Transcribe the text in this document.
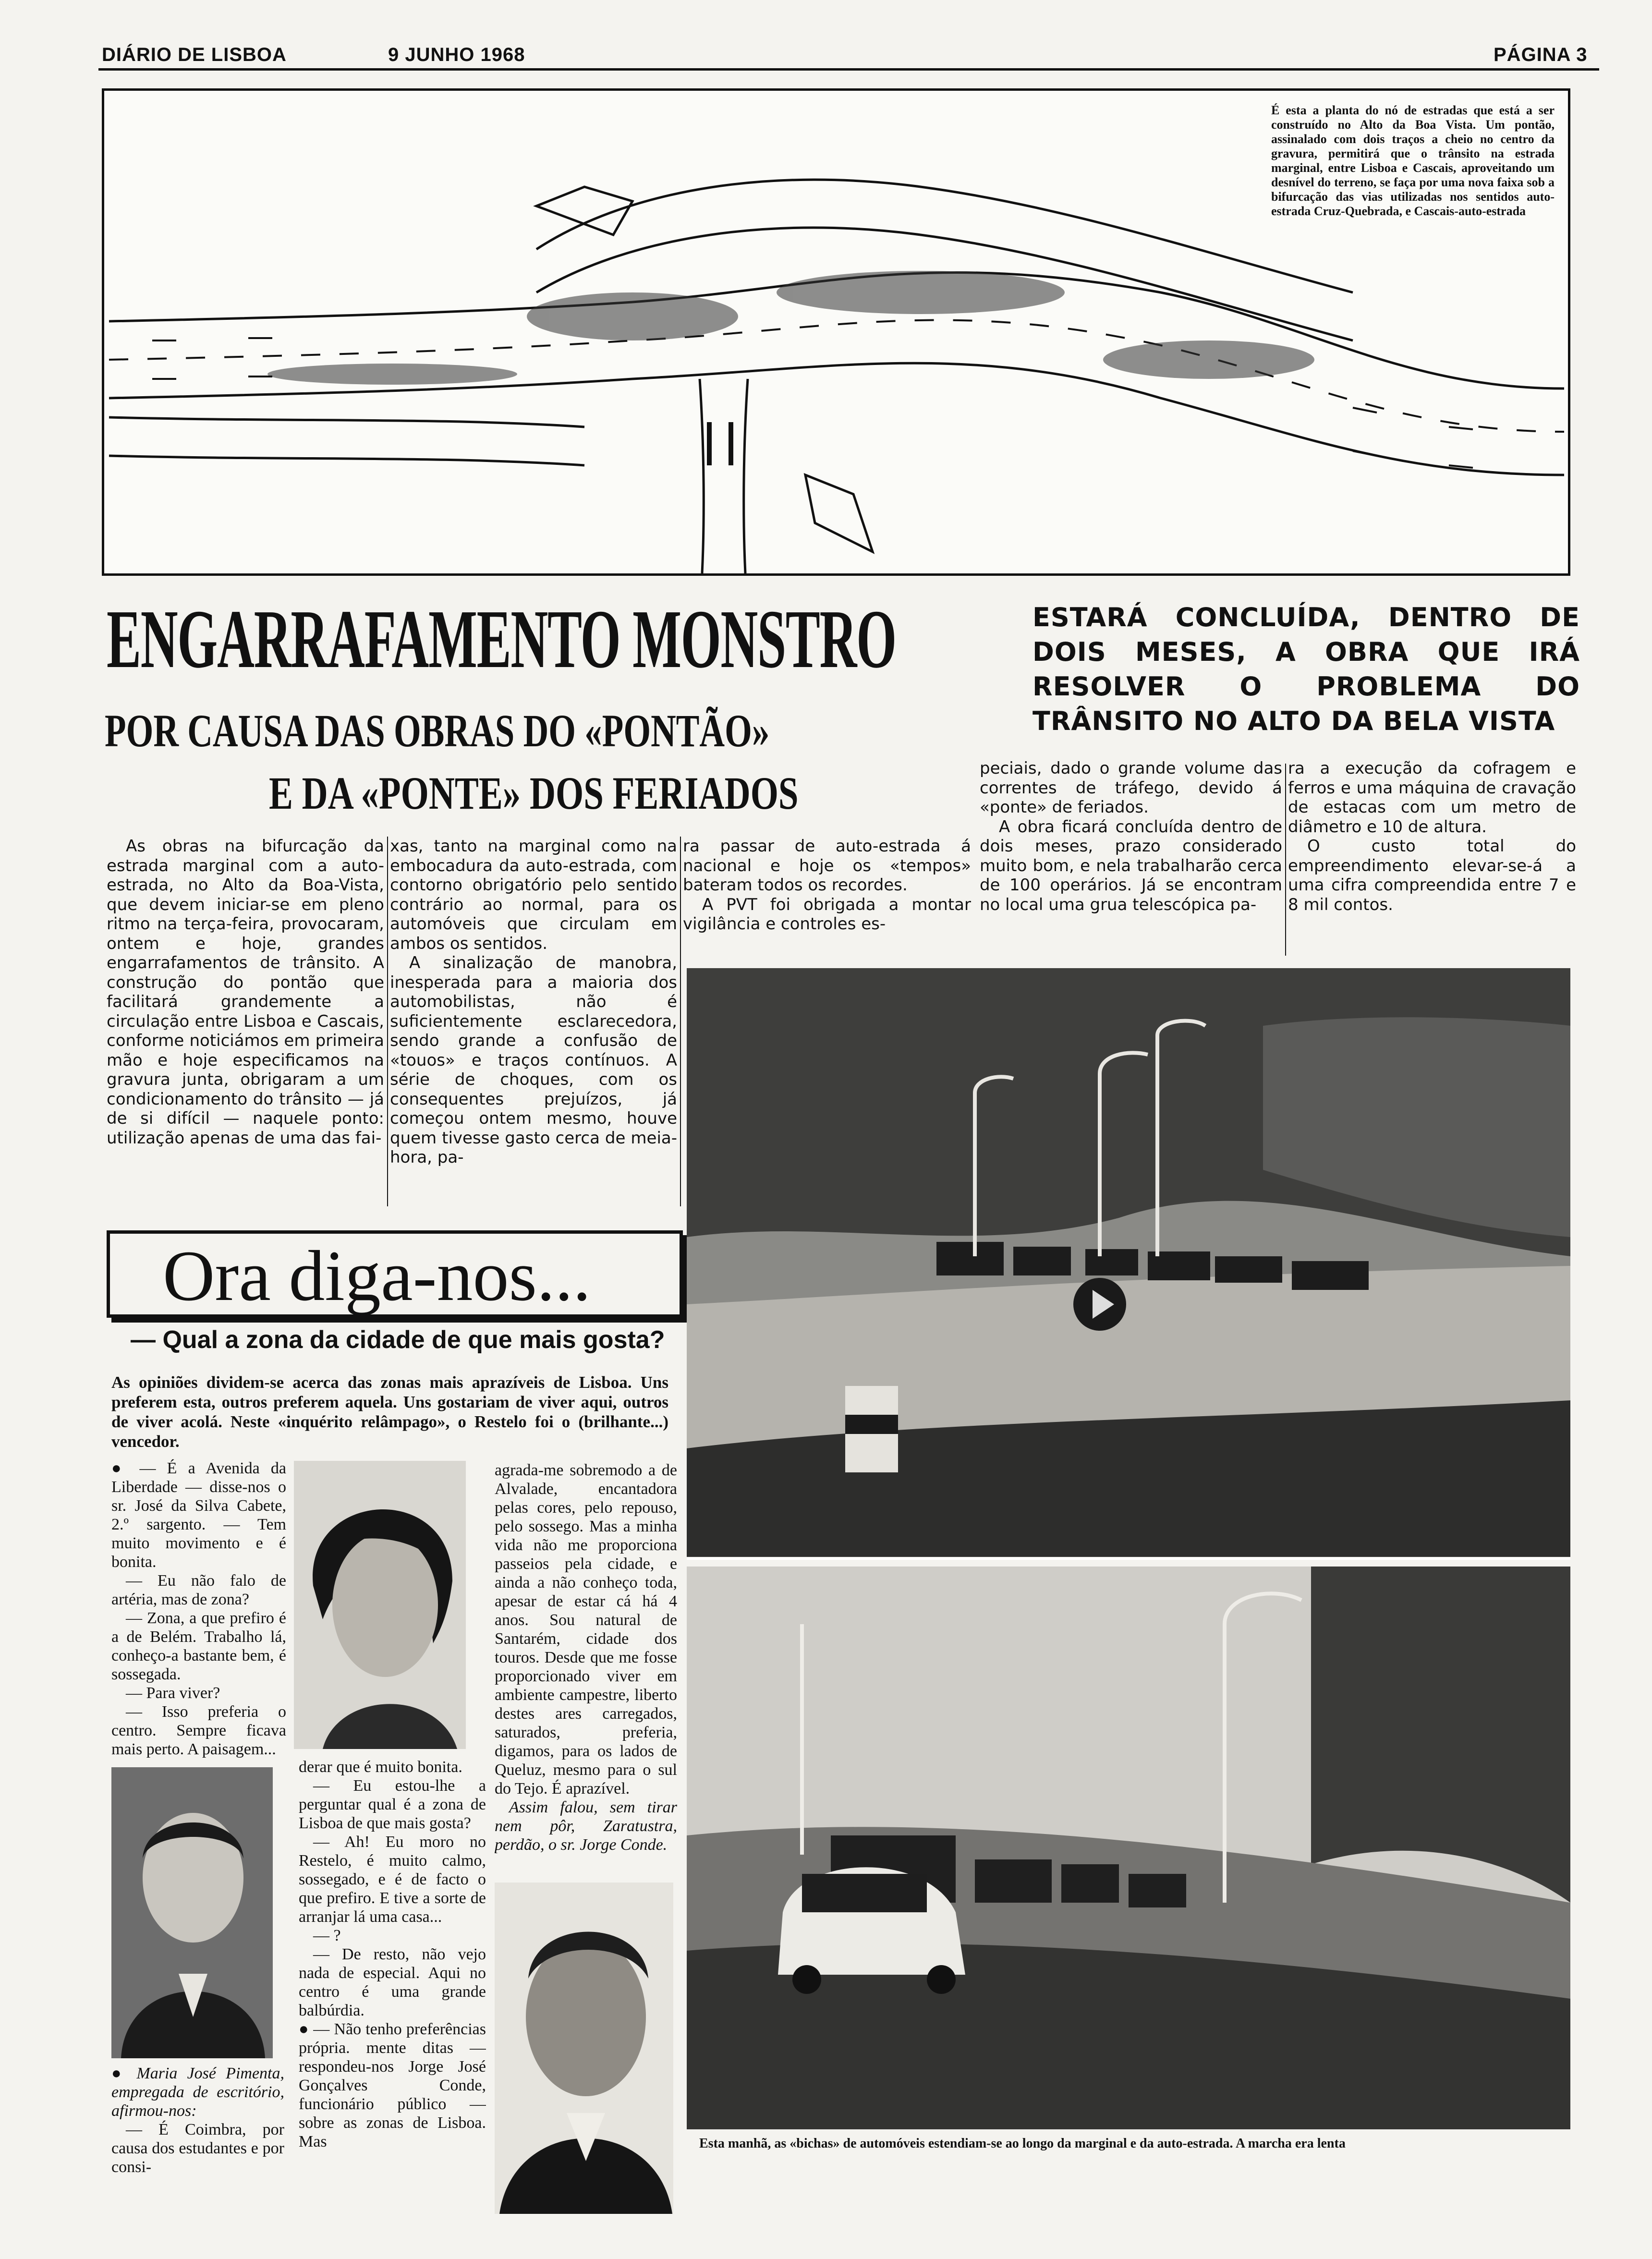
DIÁRIO DE LISBOA	9 JUNHO 1968	PÁGINA 3
É esta a planta do nó de estradas que está a ser construído no Alto da Boa Vista. Um pontão, assinalado com dois traços a cheio no centro da gravura, permitirá que o trânsito na estrada marginal, entre Lisboa e Cascais, aproveitando um desnível do terreno, se faça por uma nova faixa sob a bifurcação das vias utilizadas nos sentidos auto-estrada Cruz-Quebrada, e Cascais-auto-estrada
ENGARRAFAMENTO MONSTRO
POR CAUSA DAS OBRAS DO «PONTÃO»
E DA «PONTE» DOS FERIADOS
ESTARÁ CONCLUÍDA, DENTRO DE DOIS MESES, A OBRA QUE IRÁ RESOLVER O PROBLEMA DO TRÂNSITO NO ALTO DA BELA VISTA

As obras na bifurcação da estrada marginal com a auto-estrada, no Alto da Boa-Vista, que devem iniciar-se em pleno ritmo na terça-feira, provocaram, ontem e hoje, grandes engarrafamentos de trânsito. A construção do pontão que facilitará grandemente a circulação entre Lisboa e Cascais, conforme noticiámos em primeira mão e hoje especificamos na gravura junta, obrigaram a um condicionamento do trânsito — já de si difícil — naquele ponto: utilização apenas de uma das fai-

xas, tanto na marginal como na embocadura da auto-estrada, com contorno obrigatório pelo sentido contrário ao normal, para os automóveis que circulam em ambos os sentidos.

A sinalização de manobra, inesperada para a maioria dos automobilistas, não é suficientemente esclarecedora, sendo grande a confusão de «touos» e traços contínuos. A série de choques, com os consequentes prejuízos, já começou ontem mesmo, houve quem tivesse gasto cerca de meia-hora, pa-

ra passar de auto-estrada á nacional e hoje os «tempos» bateram todos os recordes.

A PVT foi obrigada a montar vigilância e controles es-

peciais, dado o grande volume das correntes de tráfego, devido á «ponte» de feriados.

A obra ficará concluída dentro de dois meses, prazo considerado muito bom, e nela trabalharão cerca de 100 operários. Já se encontram no local uma grua telescópica pa-

ra a execução da cofragem e ferros e uma máquina de cravação de estacas com um metro de diâmetro e 10 de altura.

O custo total do empreendimento elevar-se-á a uma cifra compreendida entre 7 e 8 mil contos.

Ora diga-nos...
— Qual a zona da cidade de que mais gosta?
As opiniões dividem-se acerca das zonas mais aprazíveis de Lisboa. Uns preferem esta, outros preferem aquela. Uns gostariam de viver aqui, outros de viver acolá. Neste «inquérito relâmpago», o Restelo foi o (brilhante...) vencedor.

● — É a Avenida da Liberdade — disse-nos o sr. José da Silva Cabete, 2.º sargento. — Tem muito movimento e é bonita.

— Eu não falo de artéria, mas de zona?

— Zona, a que prefiro é a de Belém. Trabalho lá, conheço-a bastante bem, é sossegada.

— Para viver?

— Isso preferia o centro. Sempre ficava mais perto. A paisagem...

● Maria José Pimenta, empregada de escritório, afirmou-nos:

— É Coimbra, por causa dos estudantes e por consi-

derar que é muito bonita.

— Eu estou-lhe a perguntar qual é a zona de Lisboa de que mais gosta?

— Ah! Eu moro no Restelo, é muito calmo, sossegado, e é de facto o que prefiro. E tive a sorte de arranjar lá uma casa...

— ?

— De resto, não vejo nada de especial. Aqui no centro é uma grande balbúrdia.

● — Não tenho preferências própria. mente ditas — respondeu-nos Jorge José Gonçalves Conde, funcionário público — sobre as zonas de Lisboa. Mas

agrada-me sobremodo a de Alvalade, encantadora pelas cores, pelo repouso, pelo sossego. Mas a minha vida não me proporciona passeios pela cidade, e ainda a não conheço toda, apesar de estar cá há 4 anos. Sou natural de Santarém, cidade dos touros. Desde que me fosse proporcionado viver em ambiente campestre, liberto destes ares carregados, saturados, preferia, digamos, para os lados de Queluz, mesmo para o sul do Tejo. É aprazível.

Assim falou, sem tirar nem pôr, Zaratustra, perdão, o sr. Jorge Conde.

Esta manhã, as «bichas» de automóveis estendiam-se ao longo da marginal e da auto-estrada. A marcha era lenta
